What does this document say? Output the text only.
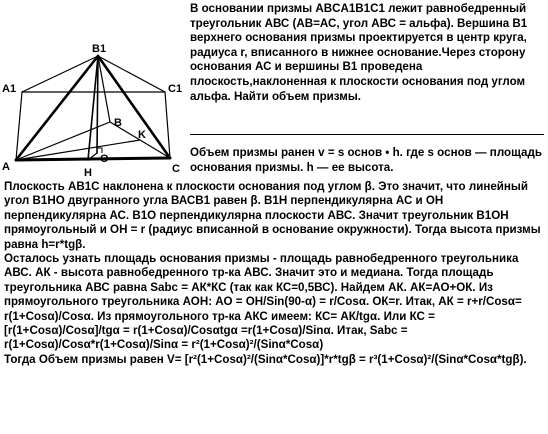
B1
A1	C1
B
K
A
O
C
H
В основании призмы ABCA1B1C1 лежит равнобедренный треугольник АВС (АВ=АС, угол АВС = альфа). Вершина В1 верхнего основания призмы проектируется в центр круга, радиуса r, вписанного в нижнее основание.Через сторону основания АС и вершины В1 проведена плоскость,наклоненная к плоскости основания под углом альфа. Найти объем призмы.
Объем призмы ранен v = s оснoв • h. где s оснoв — площадь основания призмы. h — ее высота.

Плоскость АВ1С наклонена к плоскости основания под углом β. Это значит, что линейный угол В1НО двугранного угла ВАСВ1 равен β. В1Н перпендикулярна АС и ОН перпендикулярна АС. В1О перпендикулярна плоскости АВС. Значит треугольник В1ОН прямоугольный и ОН = r (радиус вписанной в основание окружности). Тогда высота призмы равна h=r*tgβ.

Осталось узнать площадь основания призмы - площадь равнобедренного треугольника АВС. АК - высота равнобедренного тр-ка АВС. Значит это и медиана. Тогда площадь треугольника АВС равна Sabc = АК*КС (так как КС=0,5ВС). Найдем АК. АК=АО+ОК. Из прямоугольного треугольника АОН: АО = ОН/Sin(90-α) = r/Cosα. ОК=r. Итак, АК = r+r/Cosα= r(1+Cosα)/Cosα. Из прямоугольного тр-ка АКС имеем: КС= АК/tgα. Или КС = [r(1+Cosα)/Cosα]/tgα = r(1+Cosα)/Cosαtgα =r(1+Cosα)/Sinα. Итак, Sabc = r(1+Cosα)/Cosα*r(1+Cosα)/Sinα = r²(1+Cosα)²/(Sinα*Cosα)

Тогда Объем призмы равен V= [r²(1+Cosα)²/(Sinα*Cosα)]*r*tgβ = r³(1+Cosα)²/(Sinα*Cosα*tgβ).
